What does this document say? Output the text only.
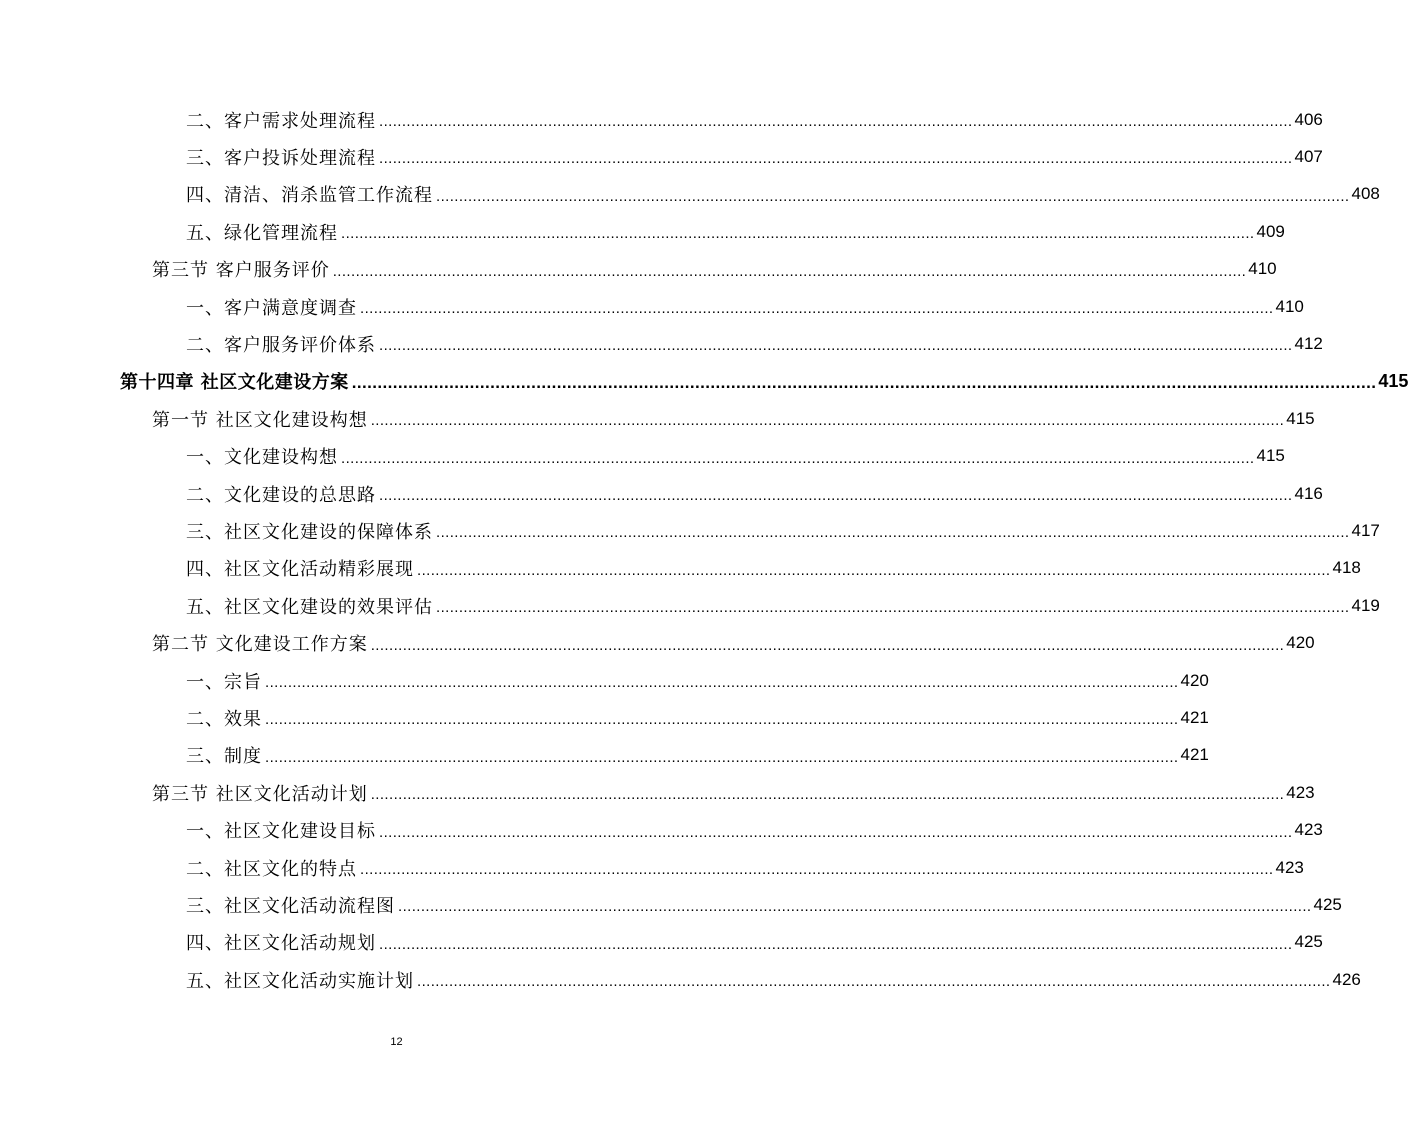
二、客户需求处理流程 ........................................................................................................................................................................................................ 406
三、客户投诉处理流程 ........................................................................................................................................................................................................ 407
四、清洁、消杀监管工作流程 ........................................................................................................................................................................................................ 408
五、绿化管理流程 ........................................................................................................................................................................................................ 409
第三节 客户服务评价 ........................................................................................................................................................................................................ 410
一、客户满意度调查 ........................................................................................................................................................................................................ 410
二、客户服务评价体系 ........................................................................................................................................................................................................ 412
第十四章 社区文化建设方案 ........................................................................................................................................................................................................ 415
第一节 社区文化建设构想 ........................................................................................................................................................................................................ 415
一、文化建设构想 ........................................................................................................................................................................................................ 415
二、文化建设的总思路 ........................................................................................................................................................................................................ 416
三、社区文化建设的保障体系 ........................................................................................................................................................................................................ 417
四、社区文化活动精彩展现 ........................................................................................................................................................................................................ 418
五、社区文化建设的效果评估 ........................................................................................................................................................................................................ 419
第二节 文化建设工作方案 ........................................................................................................................................................................................................ 420
一、宗旨 ........................................................................................................................................................................................................ 420
二、效果 ........................................................................................................................................................................................................ 421
三、制度 ........................................................................................................................................................................................................ 421
第三节 社区文化活动计划 ........................................................................................................................................................................................................ 423
一、社区文化建设目标 ........................................................................................................................................................................................................ 423
二、社区文化的特点 ........................................................................................................................................................................................................ 423
三、社区文化活动流程图 ........................................................................................................................................................................................................ 425
四、社区文化活动规划 ........................................................................................................................................................................................................ 425
五、社区文化活动实施计划 ........................................................................................................................................................................................................ 426
12
